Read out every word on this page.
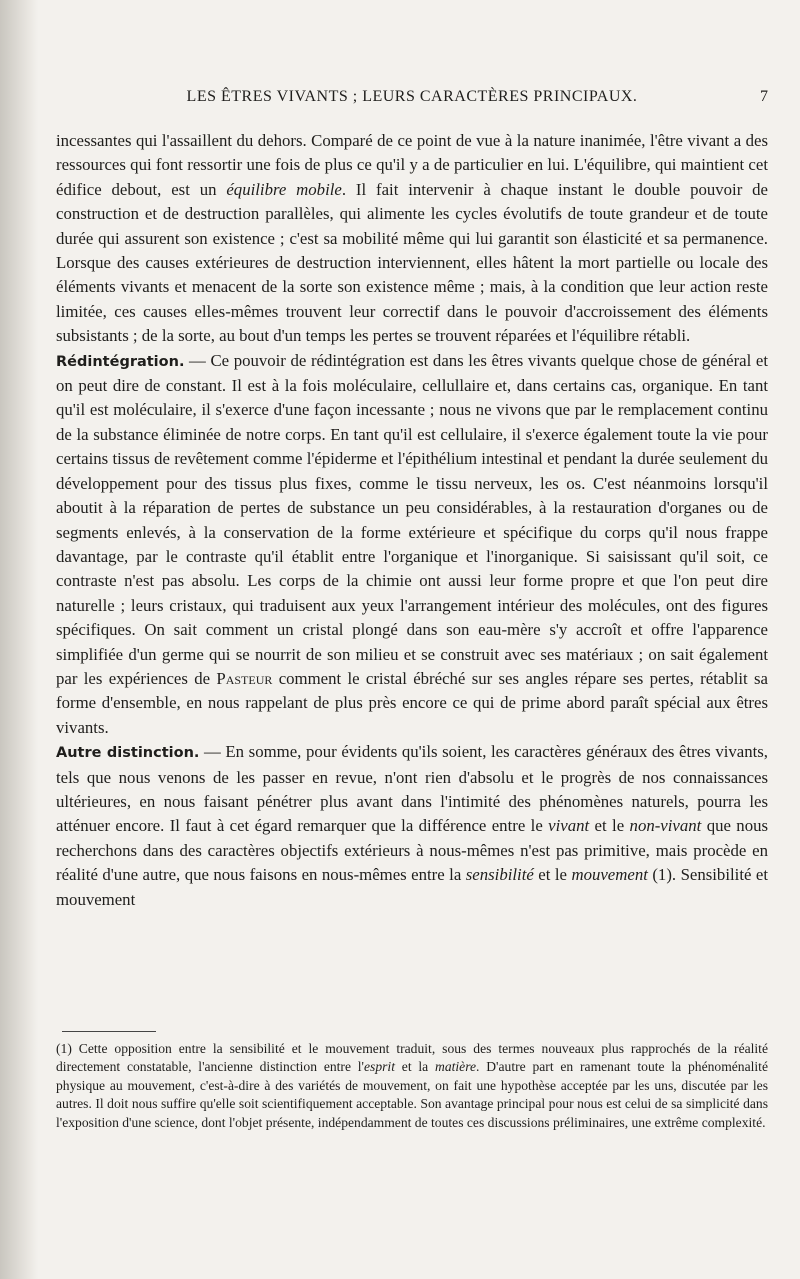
LES ÊTRES VIVANTS ; LEURS CARACTÈRES PRINCIPAUX.	7

incessantes qui l'assaillent du dehors. Comparé de ce point de vue à la nature inanimée, l'être vivant a des ressources qui font ressortir une fois de plus ce qu'il y a de particulier en lui. L'équilibre, qui maintient cet édifice debout, est un équilibre mobile. Il fait intervenir à chaque instant le double pouvoir de construction et de destruction parallèles, qui alimente les cycles évolutifs de toute grandeur et de toute durée qui assurent son existence ; c'est sa mobilité même qui lui garantit son élasticité et sa permanence. Lorsque des causes extérieures de destruction interviennent, elles hâtent la mort partielle ou locale des éléments vivants et menacent de la sorte son existence même ; mais, à la condition que leur action reste limitée, ces causes elles-mêmes trouvent leur correctif dans le pouvoir d'accroissement des éléments subsistants ; de la sorte, au bout d'un temps les pertes se trouvent réparées et l'équilibre rétabli.

Rédintégration. — Ce pouvoir de rédintégration est dans les êtres vivants quelque chose de général et on peut dire de constant. Il est à la fois moléculaire, cellullaire et, dans certains cas, organique. En tant qu'il est moléculaire, il s'exerce d'une façon incessante ; nous ne vivons que par le remplacement continu de la substance éliminée de notre corps. En tant qu'il est cellulaire, il s'exerce également toute la vie pour certains tissus de revêtement comme l'épiderme et l'épithélium intestinal et pendant la durée seulement du développement pour des tissus plus fixes, comme le tissu nerveux, les os. C'est néanmoins lorsqu'il aboutit à la réparation de pertes de substance un peu considérables, à la restauration d'organes ou de segments enlevés, à la conservation de la forme extérieure et spécifique du corps qu'il nous frappe davantage, par le contraste qu'il établit entre l'organique et l'inorganique. Si saisissant qu'il soit, ce contraste n'est pas absolu. Les corps de la chimie ont aussi leur forme propre et que l'on peut dire naturelle ; leurs cristaux, qui traduisent aux yeux l'arrangement intérieur des molécules, ont des figures spécifiques. On sait comment un cristal plongé dans son eau-mère s'y accroît et offre l'apparence simplifiée d'un germe qui se nourrit de son milieu et se construit avec ses matériaux ; on sait également par les expériences de Pasteur comment le cristal ébréché sur ses angles répare ses pertes, rétablit sa forme d'ensemble, en nous rappelant de plus près encore ce qui de prime abord paraît spécial aux êtres vivants.

Autre distinction. — En somme, pour évidents qu'ils soient, les caractères généraux des êtres vivants, tels que nous venons de les passer en revue, n'ont rien d'absolu et le progrès de nos connaissances ultérieures, en nous faisant pénétrer plus avant dans l'intimité des phénomènes naturels, pourra les atténuer encore. Il faut à cet égard remarquer que la différence entre le vivant et le non-vivant que nous recherchons dans des caractères objectifs extérieurs à nous-mêmes n'est pas primitive, mais procède en réalité d'une autre, que nous faisons en nous-mêmes entre la sensibilité et le mouvement (1). Sensibilité et mouvement

(1) Cette opposition entre la sensibilité et le mouvement traduit, sous des termes nouveaux plus rapprochés de la réalité directement constatable, l'ancienne distinction entre l'esprit et la matière. D'autre part en ramenant toute la phénoménalité physique au mouvement, c'est-à-dire à des variétés de mouvement, on fait une hypothèse acceptée par les uns, discutée par les autres. Il doit nous suffire qu'elle soit scientifiquement acceptable. Son avantage principal pour nous est celui de sa simplicité dans l'exposition d'une science, dont l'objet présente, indépendamment de toutes ces discussions préliminaires, une extrême complexité.
